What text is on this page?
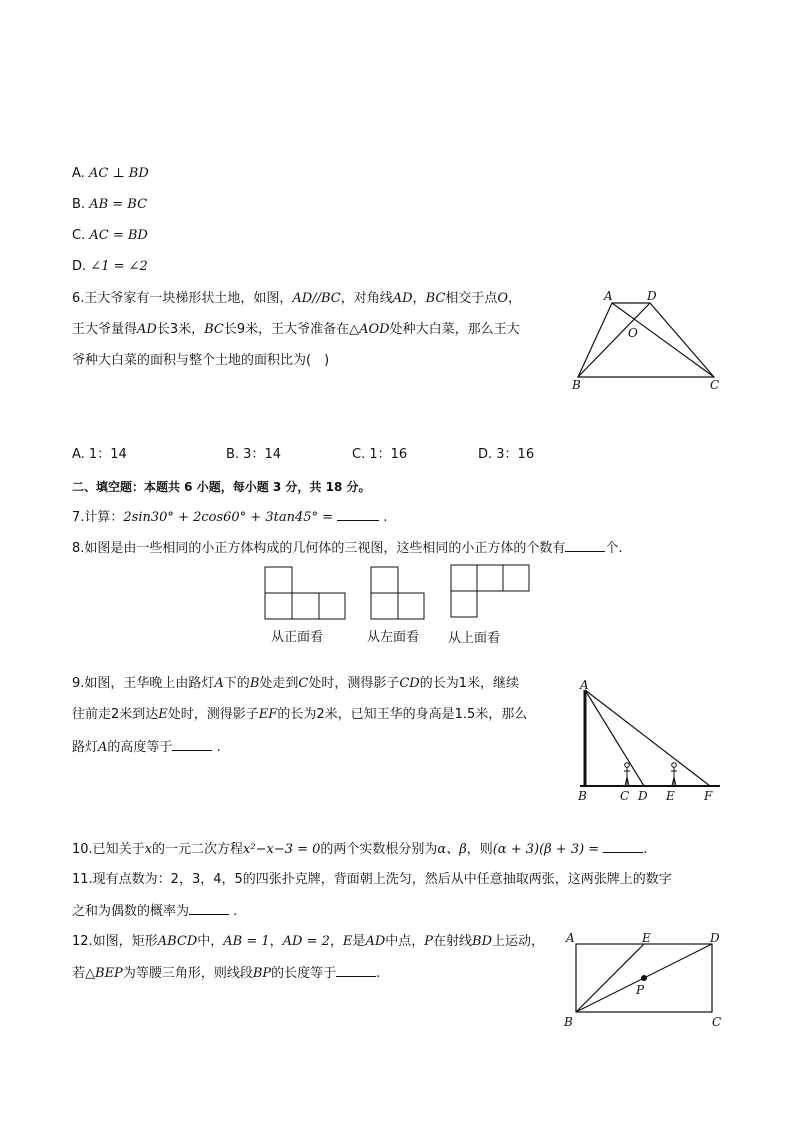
A. AC ⊥ BD
B. AB = BC
C. AC = BD
D. ∠1 = ∠2
6.王大爷家有一块梯形状土地，如图，AD//BC，对角线AD，BC相交于点O，
王大爷量得AD长3米，BC长9米，王大爷准备在△AOD处种大白菜，那么王大
爷种大白菜的面积与整个土地的面积比为(　)
A	D
O
B	C
A. 1：14	B. 3：14	C. 1：16	D. 3：16
二、填空题：本题共 6 小题，每小题 3 分，共 18 分。
7.计算：2sin30° + 2cos60° + 3tan45° =	.
8.如图是由一些相同的小正方体构成的几何体的三视图，这些相同的小正方体的个数有	个.
从正面看	从左面看 从上面看
9.如图，王华晚上由路灯A下的B处走到C处时，测得影子CD的长为1米，继续
往前走2米到达E处时，测得影子EF的长为2米，已知王华的身高是1.5米，那么
路灯A的高度等于	.
A
B	C D E F
10.已知关于x的一元二次方程x²−x−3 = 0的两个实数根分别为α、β，则(α + 3)(β + 3) =	.
11.现有点数为：2，3，4，5的四张扑克牌，背面朝上洗匀，然后从中任意抽取两张，这两张牌上的数字
之和为偶数的概率为	.
12.如图，矩形ABCD中，AB = 1，AD = 2，E是AD中点，P在射线BD上运动，
若△BEP为等腰三角形，则线段BP的长度等于	.
A	E	D
P
B	C
